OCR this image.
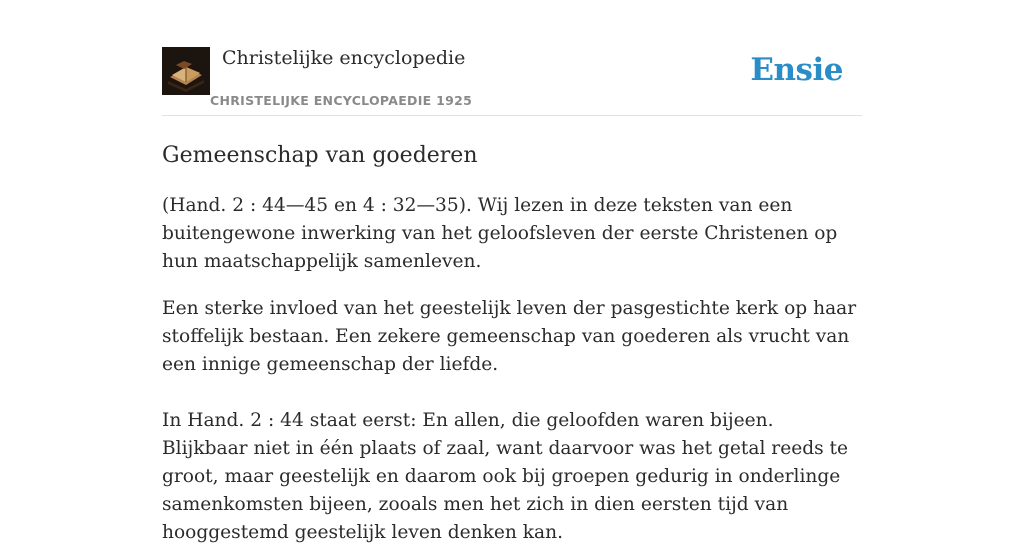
Christelijke encyclopedie
CHRISTELIJKE ENCYCLOPAEDIE 1925
Ensie
Gemeenschap van goederen

(Hand. 2 : 44—45 en 4 : 32—35). Wij lezen in deze teksten van een buitengewone inwerking van het geloofsleven der eerste Christenen op hun maatschappelijk samenleven.

Een sterke invloed van het geestelijk leven der pasgestichte kerk op haar stoffelijk bestaan. Een zekere gemeenschap van goederen als vrucht van een innige gemeenschap der liefde.

In Hand. 2 : 44 staat eerst: En allen, die geloofden waren bijeen. Blijkbaar niet in één plaats of zaal, want daarvoor was het getal reeds te groot, maar geestelijk en daarom ook bij groepen gedurig in onderlinge samenkomsten bijeen, zooals men het zich in dien eersten tijd van hooggestemd geestelijk leven denken kan.
